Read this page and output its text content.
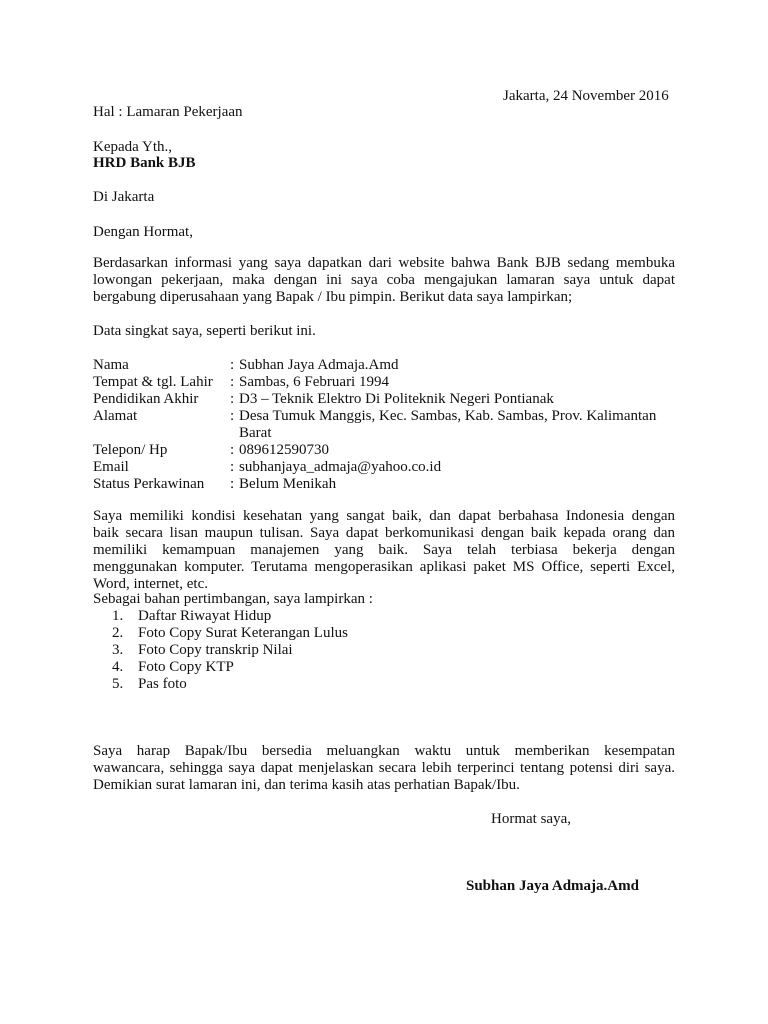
Jakarta, 24 November 2016
Hal : Lamaran Pekerjaan
Kepada Yth.,
HRD Bank BJB
Di Jakarta
Dengan Hormat,
Berdasarkan informasi yang saya dapatkan dari website bahwa Bank BJB sedang membuka
lowongan pekerjaan, maka dengan ini saya coba mengajukan lamaran saya untuk dapat
bergabung diperusahaan yang Bapak / Ibu pimpin. Berikut data saya lampirkan;
Data singkat saya, seperti berikut ini.
Nama	: Subhan Jaya Admaja.Amd
Tempat & tgl. Lahir	: Sambas, 6 Februari 1994
Pendidikan Akhir	: D3 – Teknik Elektro Di Politeknik Negeri Pontianak
Alamat	: Desa Tumuk Manggis, Kec. Sambas, Kab. Sambas, Prov. Kalimantan
Barat
Telepon/ Hp	: 089612590730
Email	: subhanjaya_admaja@yahoo.co.id
Status Perkawinan	: Belum Menikah
Saya memiliki kondisi kesehatan yang sangat baik, dan dapat berbahasa Indonesia dengan
baik secara lisan maupun tulisan. Saya dapat berkomunikasi dengan baik kepada orang dan
memiliki kemampuan manajemen yang baik. Saya telah terbiasa bekerja dengan
menggunakan komputer. Terutama mengoperasikan aplikasi paket MS Office, seperti Excel,
Word, internet, etc.
Sebagai bahan pertimbangan, saya lampirkan :
1. Daftar Riwayat Hidup
2. Foto Copy Surat Keterangan Lulus
3. Foto Copy transkrip Nilai
4. Foto Copy KTP
5. Pas foto
Saya harap Bapak/Ibu bersedia meluangkan waktu untuk memberikan kesempatan
wawancara, sehingga saya dapat menjelaskan secara lebih terperinci tentang potensi diri saya.
Demikian surat lamaran ini, dan terima kasih atas perhatian Bapak/Ibu.
Hormat saya,
Subhan Jaya Admaja.Amd
